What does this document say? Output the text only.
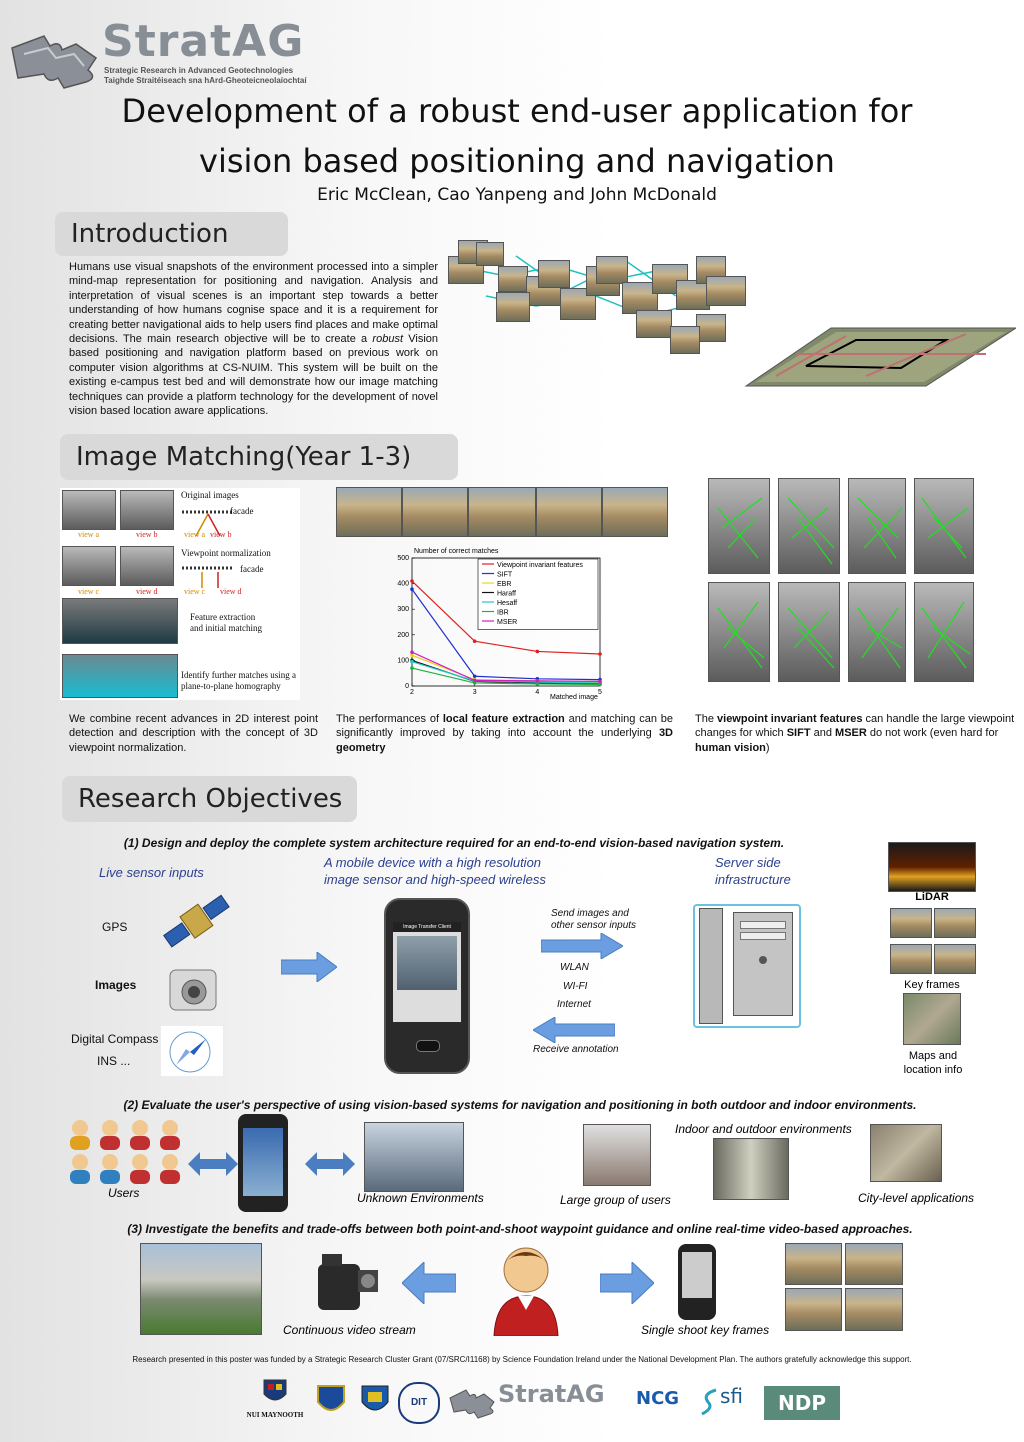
StratAG
Strategic Research in Advanced Geotechnologies
Taighde Straitéiseach sna hArd-Gheoteicneolaíochtaí
Development of a robust end-user application for
vision based positioning and navigation
Eric McClean, Cao Yanpeng and John McDonald
Introduction
Humans use visual snapshots of the environment processed into a simpler mind-map representation for positioning and navigation. Analysis and interpretation of visual scenes is an important step towards a better understanding of how humans cognise space and it is a requirement for creating better navigational aids to help users find places and make optimal decisions. The main research objective will be to create a robust Vision based positioning and navigation platform based on previous work on computer vision algorithms at CS-NUIM. This system will be built on the existing e-campus test bed and will demonstrate how our image matching techniques can provide a platform technology for the development of novel vision based location aware applications.
Image Matching(Year 1-3)
view a	view b
Original images
facade
view a view b
view c	view d
Viewpoint normalization
facade
view c view d
Feature extraction
and initial matching
Identify further matches using a
plane-to-plane homography
Number of correct matches
Matched image
0
100
200
300
400
500
2	3	4	5
Viewpoint invariant features
SIFT
EBR
Haraff
Hesaff
IBR
MSER
We combine recent advances in 2D interest point detection and description with the concept of 3D viewpoint normalization.
The performances of local feature extraction and matching can be significantly improved by taking into account the underlying 3D geometry
The viewpoint invariant features can handle the large viewpoint changes for which SIFT and MSER do not work (even hard for human vision)
Research Objectives
(1) Design and deploy the complete system architecture required for an end-to-end vision-based navigation system.
Live sensor inputs
A mobile device with a high resolution
image sensor and high-speed wireless
Server side
infrastructure
GPS
Images
Digital Compass
INS ...
Image Transfer Client
Send images and
other sensor inputs
WLAN
WI-FI
Internet
Receive annotation
LiDAR
Key frames
Maps and
location info
(2) Evaluate the user's perspective of using vision-based systems for navigation and positioning in both outdoor and indoor environments.
Users	Unknown Environments	Large group of users
Indoor and outdoor environments
City-level applications
(3) Investigate the benefits and trade-offs between both point-and-shoot waypoint guidance and online real-time video-based approaches.
Continuous video stream	Single shoot key frames
Research presented in this poster was funded by a Strategic Research Cluster Grant (07/SRC/I1168) by Science Foundation Ireland under the National Development Plan. The authors gratefully acknowledge this support.
NUI MAYNOOTH
DIT	StratAG NCG sfi	NDP
